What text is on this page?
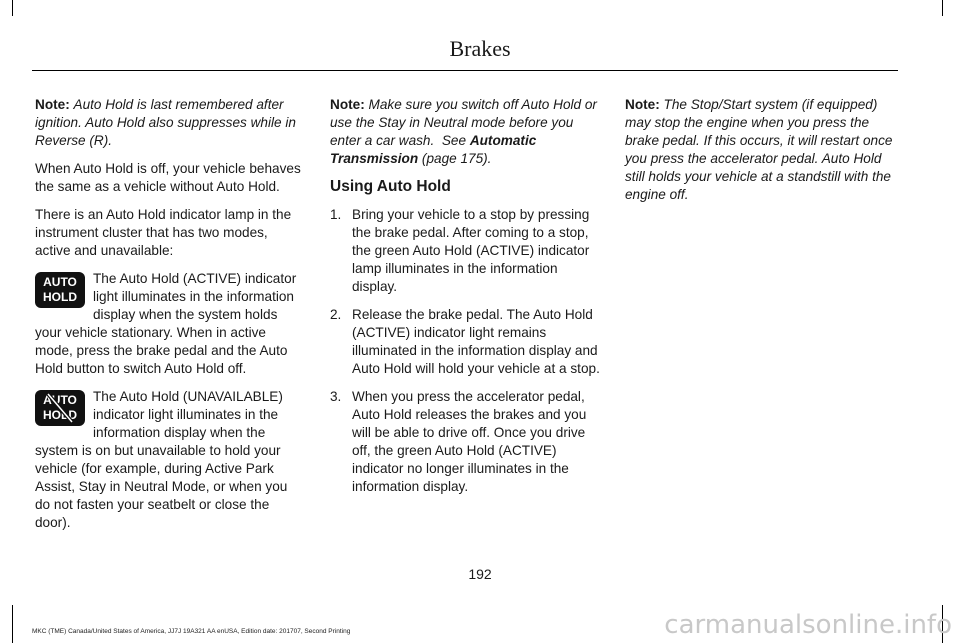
Brakes

Note: Auto Hold is last remembered after ignition. Auto Hold also suppresses while in Reverse (R).

When Auto Hold is off, your vehicle behaves the same as a vehicle without Auto Hold.

There is an Auto Hold indicator lamp in the instrument cluster that has two modes, active and unavailable:

AUTO
HOLD
The Auto Hold (ACTIVE) indicator light illuminates in the information display when the system holds your vehicle stationary. When in active mode, press the brake pedal and the Auto Hold button to switch Auto Hold off.
AUTO
HOLD
The Auto Hold (UNAVAILABLE) indicator light illuminates in the information display when the system is on but unavailable to hold your vehicle (for example, during Active Park Assist, Stay in Neutral Mode, or when you do not fasten your seatbelt or close the door).

Note: Make sure you switch off Auto Hold or use the Stay in Neutral mode before you enter a car wash. See Automatic Transmission (page 175).

Using Auto Hold
1. Bring your vehicle to a stop by pressing the brake pedal. After coming to a stop, the green Auto Hold (ACTIVE) indicator lamp illuminates in the information display.
2. Release the brake pedal. The Auto Hold (ACTIVE) indicator light remains illuminated in the information display and Auto Hold will hold your vehicle at a stop.
3. When you press the accelerator pedal, Auto Hold releases the brakes and you will be able to drive off. Once you drive off, the green Auto Hold (ACTIVE) indicator no longer illuminates in the information display.

Note: The Stop/Start system (if equipped) may stop the engine when you press the brake pedal. If this occurs, it will restart once you press the accelerator pedal. Auto Hold still holds your vehicle at a standstill with the engine off.

192
MKC (TME) Canada/United States of America, JJ7J 19A321 AA enUSA, Edition date: 201707, Second Printing	carmanualsonline.info
